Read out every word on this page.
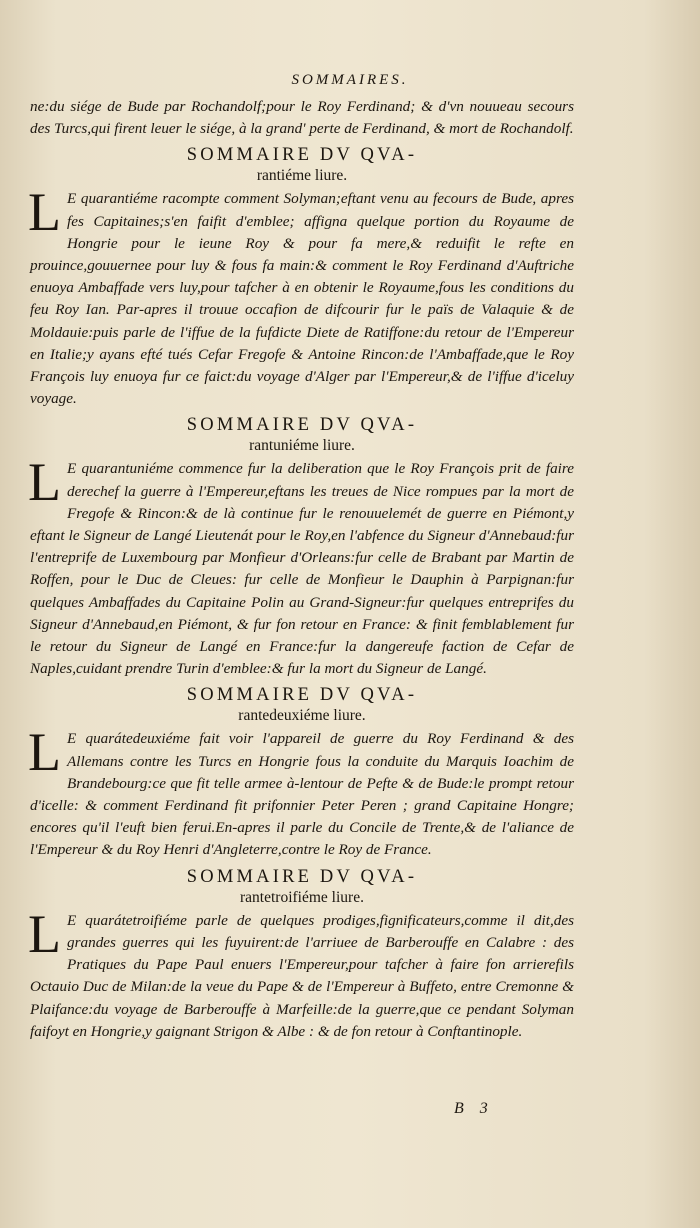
SOMMAIRES.

ne:du siége de Bude par Rochandolf;pour le Roy Ferdinand; & d'vn nouueau secours des Turcs,qui firent leuer le siége, à la grand' perte de Ferdinand, & mort de Rochandolf.

SOMMAIRE DV QVA-
rantiéme liure.

L E quarantiéme racompte comment Solyman;eftant venu au fecours de Bude, apres fes Capitaines;s'en faifit d'emblee; affigna quelque portion du Royaume de Hongrie pour le ieune Roy & pour fa mere,& reduifit le refte en prouince,gouuernee pour luy & fous fa main:& comment le Roy Ferdinand d'Auftriche enuoya Ambaffade vers luy,pour tafcher à en obtenir le Royaume,fous les conditions du feu Roy Ian. Par-apres il trouue occafion de difcourir fur le païs de Valaquie & de Moldauie:puis parle de l'iffue de la fufdicte Diete de Ratiffone:du retour de l'Empereur en Italie;y ayans efté tués Cefar Fregofe & Antoine Rincon:de l'Ambaffade,que le Roy François luy enuoya fur ce faict:du voyage d'Alger par l'Empereur,& de l'iffue d'iceluy voyage.

SOMMAIRE DV QVA-
rantuniéme liure.

L E quarantuniéme commence fur la deliberation que le Roy François prit de faire derechef la guerre à l'Empereur,eftans les treues de Nice rompues par la mort de Fregofe & Rincon:& de là continue fur le renouuelemét de guerre en Piémont,y eftant le Signeur de Langé Lieutenát pour le Roy,en l'abfence du Signeur d'Annebaud:fur l'entreprife de Luxembourg par Monfieur d'Orleans:fur celle de Brabant par Martin de Roffen, pour le Duc de Cleues: fur celle de Monfieur le Dauphin à Parpignan:fur quelques Ambaffades du Capitaine Polin au Grand-Signeur:fur quelques entreprifes du Signeur d'Annebaud,en Piémont, & fur fon retour en France: & finit femblablement fur le retour du Signeur de Langé en France:fur la dangereufe faction de Cefar de Naples,cuidant prendre Turin d'emblee:& fur la mort du Signeur de Langé.

SOMMAIRE DV QVA-
rantedeuxiéme liure.

L E quarátedeuxiéme fait voir l'appareil de guerre du Roy Ferdinand & des Allemans contre les Turcs en Hongrie fous la conduite du Marquis Ioachim de Brandebourg:ce que fit telle armee à-lentour de Pefte & de Bude:le prompt retour d'icelle: & comment Ferdinand fit prifonnier Peter Peren ; grand Capitaine Hongre; encores qu'il l'euft bien ferui.En-apres il parle du Concile de Trente,& de l'aliance de l'Empereur & du Roy Henri d'Angleterre,contre le Roy de France.

SOMMAIRE DV QVA-
rantetroifiéme liure.

L E quarátetroifiéme parle de quelques prodiges,fignificateurs,comme il dit,des grandes guerres qui les fuyuirent:de l'arriuee de Barberouffe en Calabre : des Pratiques du Pape Paul enuers l'Empereur,pour tafcher à faire fon arrierefils Octauio Duc de Milan:de la veue du Pape & de l'Empereur à Buffeto, entre Cremonne & Plaifance:du voyage de Barberouffe à Marfeille:de la guerre,que ce pendant Solyman faifoyt en Hongrie,y gaignant Strigon & Albe : & de fon retour à Conftantinople.

B 3
